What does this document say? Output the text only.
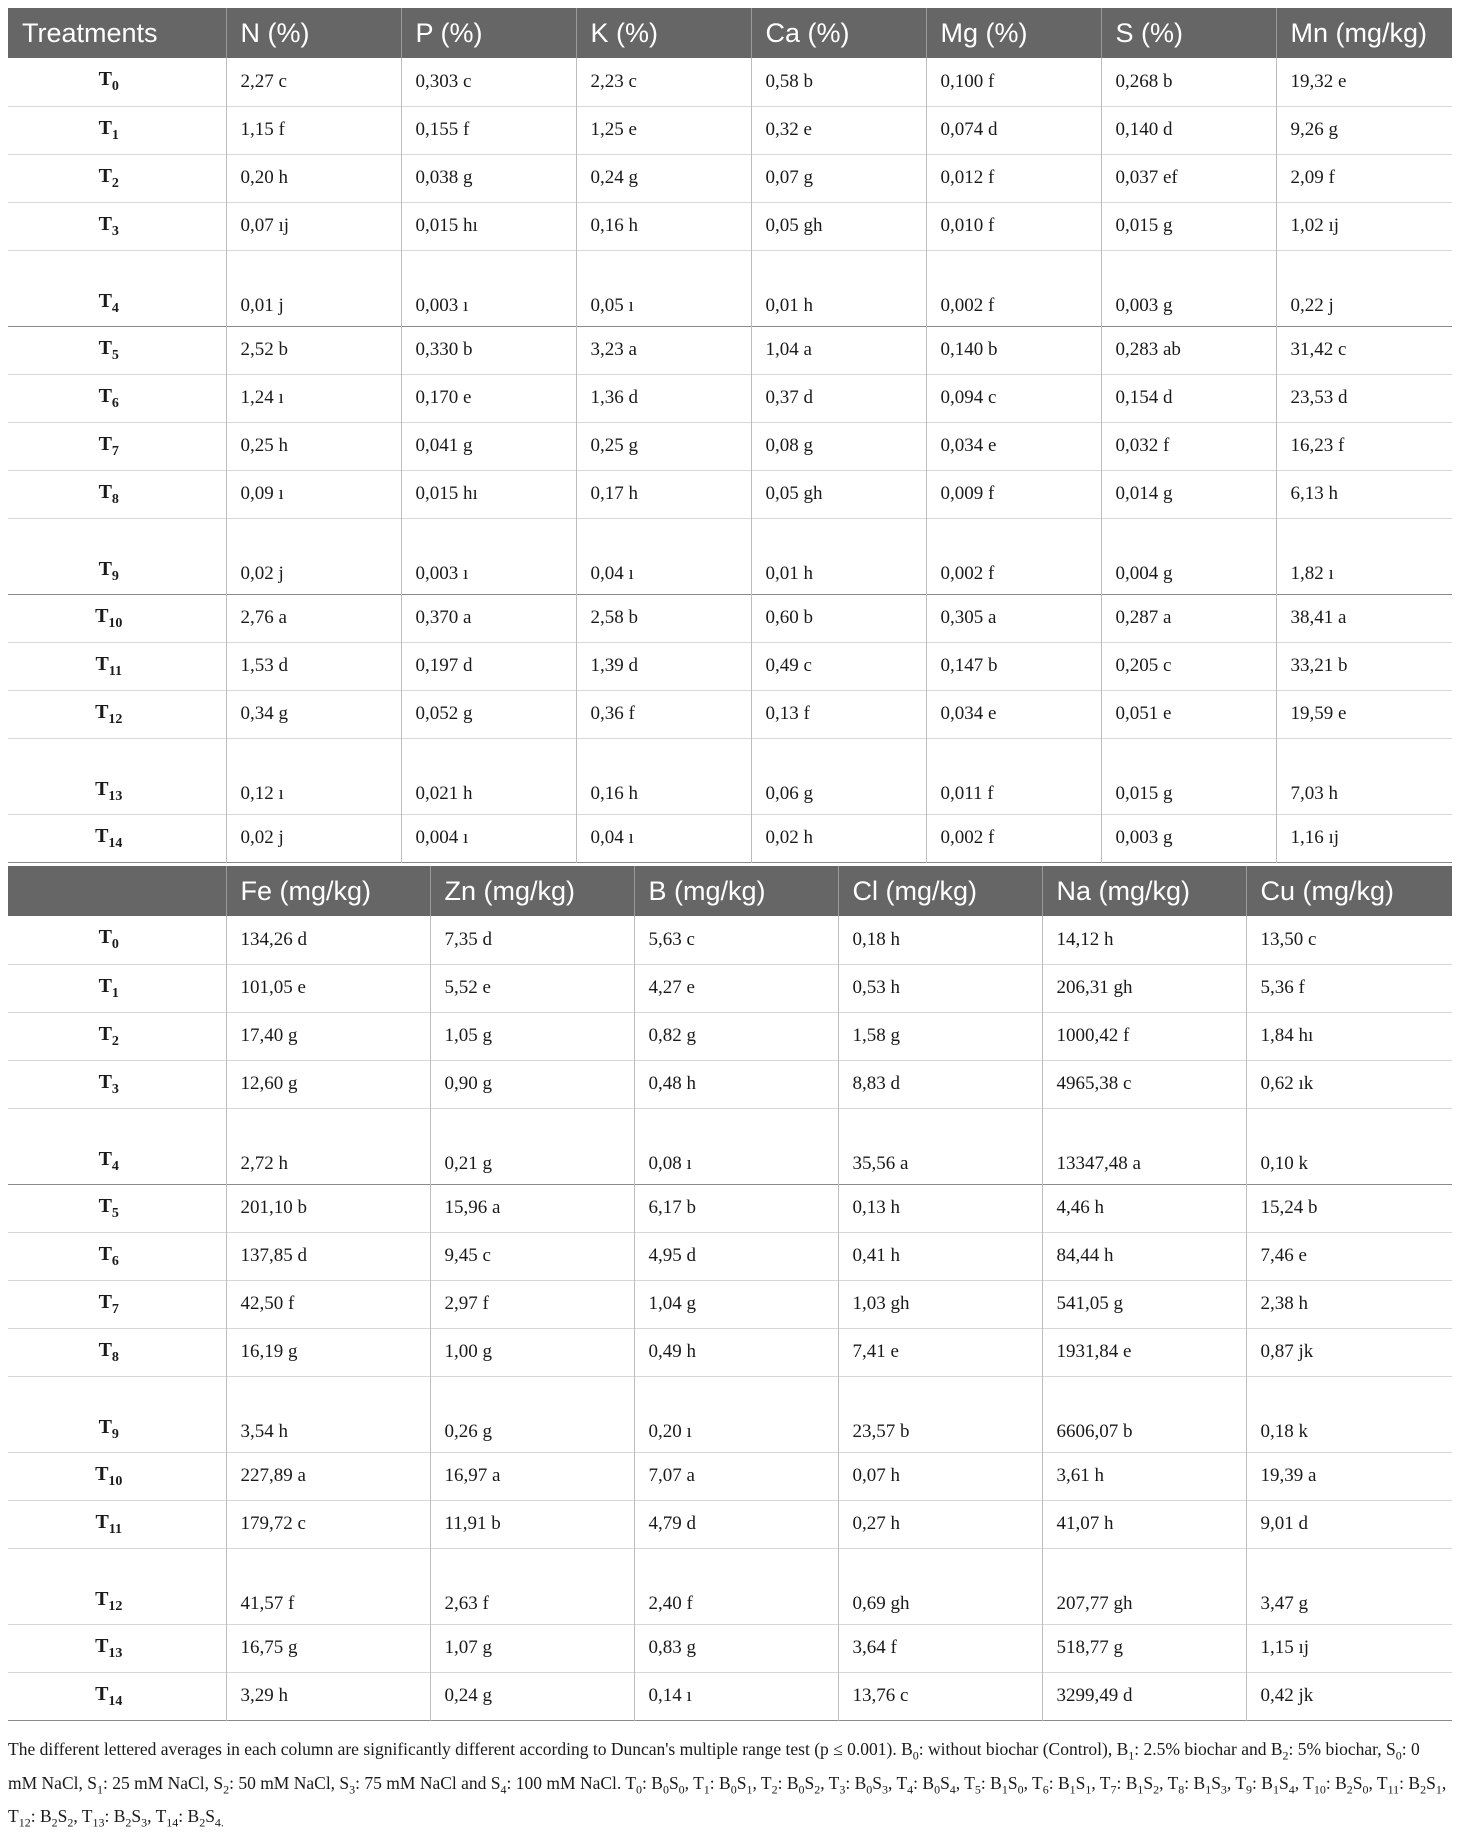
Treatments	N (%)	P (%)	K (%)	Ca (%)	Mg (%)	S (%)	Mn (mg/kg)
$T_0$	2,27 c	0,303 c	2,23 c	0,58 b	0,100 f	0,268 b	19,32 e
$T_1$	1,15 f	0,155 f	1,25 e	0,32 e	0,074 d	0,140 d	9,26 g
$T_2$	0,20 h	0,038 g	0,24 g	0,07 g	0,012 f	0,037 ef	2,09 f
$T_3$	0,07 ıj	0,015 hı	0,16 h	0,05 gh	0,010 f	0,015 g	1,02 ıj
$T_4$	0,01 j	0,003 ı	0,05 ı	0,01 h	0,002 f	0,003 g	0,22 j
$T_5$	2,52 b	0,330 b	3,23 a	1,04 a	0,140 b	0,283 ab	31,42 c
$T_6$	1,24 ı	0,170 e	1,36 d	0,37 d	0,094 c	0,154 d	23,53 d
$T_7$	0,25 h	0,041 g	0,25 g	0,08 g	0,034 e	0,032 f	16,23 f
$T_8$	0,09 ı	0,015 hı	0,17 h	0,05 gh	0,009 f	0,014 g	6,13 h
$T_9$	0,02 j	0,003 ı	0,04 ı	0,01 h	0,002 f	0,004 g	1,82 ı
$T_{10}$	2,76 a	0,370 a	2,58 b	0,60 b	0,305 a	0,287 a	38,41 a
$T_{11}$	1,53 d	0,197 d	1,39 d	0,49 c	0,147 b	0,205 c	33,21 b
$T_{12}$	0,34 g	0,052 g	0,36 f	0,13 f	0,034 e	0,051 e	19,59 e
$T_{13}$	0,12 ı	0,021 h	0,16 h	0,06 g	0,011 f	0,015 g	7,03 h
$T_{14}$	0,02 j	0,004 ı	0,04 ı	0,02 h	0,002 f	0,003 g	1,16 ıj
	Fe (mg/kg)	Zn (mg/kg)	B (mg/kg)	Cl (mg/kg)	Na (mg/kg)	Cu (mg/kg)
$T_0$	134,26 d	7,35 d	5,63 c	0,18 h	14,12 h	13,50 c
$T_1$	101,05 e	5,52 e	4,27 e	0,53 h	206,31 gh	5,36 f
$T_2$	17,40 g	1,05 g	0,82 g	1,58 g	1000,42 f	1,84 hı
$T_3$	12,60 g	0,90 g	0,48 h	8,83 d	4965,38 c	0,62 ık
$T_4$	2,72 h	0,21 g	0,08 ı	35,56 a	13347,48 a	0,10 k
$T_5$	201,10 b	15,96 a	6,17 b	0,13 h	4,46 h	15,24 b
$T_6$	137,85 d	9,45 c	4,95 d	0,41 h	84,44 h	7,46 e
$T_7$	42,50 f	2,97 f	1,04 g	1,03 gh	541,05 g	2,38 h
$T_8$	16,19 g	1,00 g	0,49 h	7,41 e	1931,84 e	0,87 jk
$T_9$	3,54 h	0,26 g	0,20 ı	23,57 b	6606,07 b	0,18 k
$T_{10}$	227,89 a	16,97 a	7,07 a	0,07 h	3,61 h	19,39 a
$T_{11}$	179,72 c	11,91 b	4,79 d	0,27 h	41,07 h	9,01 d
$T_{12}$	41,57 f	2,63 f	2,40 f	0,69 gh	207,77 gh	3,47 g
$T_{13}$	16,75 g	1,07 g	0,83 g	3,64 f	518,77 g	1,15 ıj
$T_{14}$	3,29 h	0,24 g	0,14 ı	13,76 c	3299,49 d	0,42 jk
The different lettered averages in each column are significantly different according to Duncan's multiple range test (p ≤ 0.001). $B_0$: without biochar (Control), $B_1$: 2.5% biochar and $B_2$: 5% biochar, $S_0$: 0 mM NaCl, $S_1$: 25 mM NaCl, $S_2$: 50 mM NaCl, $S_3$: 75 mM NaCl and $S_4$: 100 mM NaCl. $T_0$: $B_0S_0$, $T_1$: $B_0S_1$, $T_2$: $B_0S_2$, $T_3$: $B_0S_3$, $T_4$: $B_0S_4$, $T_5$: $B_1S_0$, $T_6$: $B_1S_1$, $T_7$: $B_1S_2$, $T_8$: $B_1S_3$, $T_9$: $B_1S_4$, $T_{10}$: $B_2S_0$, $T_{11}$: $B_2S_1$, $T_{12}$: $B_2S_2$, $T_{13}$: $B_2S_3$, $T_{14}$: $B_2S_{4.}$
